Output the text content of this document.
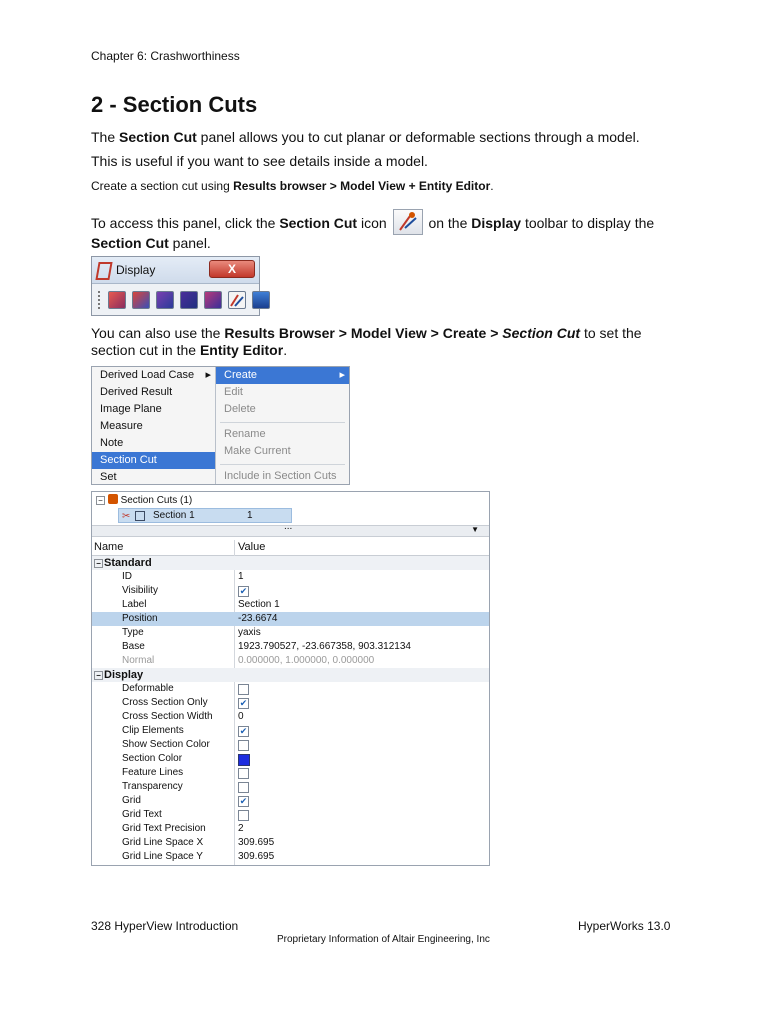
Chapter 6: Crashworthiness
2 - Section Cuts
The Section Cut panel allows you to cut planar or deformable sections through a model.
This is useful if you want to see details inside a model.
Create a section cut using Results browser > Model View + Entity Editor.
To access this panel, click the Section Cut icon  on the Display toolbar to display the
Section Cut panel.
Display	X
You can also use the Results Browser > Model View > Create > Section Cut to set the
section cut in the Entity Editor.
Derived Load Case ▸
Derived Result
Image Plane
Measure
Note
Section Cut
Set
Create	▸
Edit
Delete
Rename
Make Current
Include in Section Cuts
− Section Cuts (1)
✂ Section 1	1
...	▼
Name	Value
− Standard
ID	1
Visibility	✔
Label	Section 1
Position	-23.6674
Type	yaxis
Base	1923.790527, -23.667358, 903.312134
Normal	0.000000, 1.000000, 0.000000
− Display
Deformable
Cross Section Only	✔
Cross Section Width	0
Clip Elements	✔
Show Section Color
Section Color
Feature Lines
Transparency
Grid	✔
Grid Text
Grid Text Precision	2
Grid Line Space X	309.695
Grid Line Space Y	309.695
328 HyperView Introduction	HyperWorks 13.0
Proprietary Information of Altair Engineering, Inc
